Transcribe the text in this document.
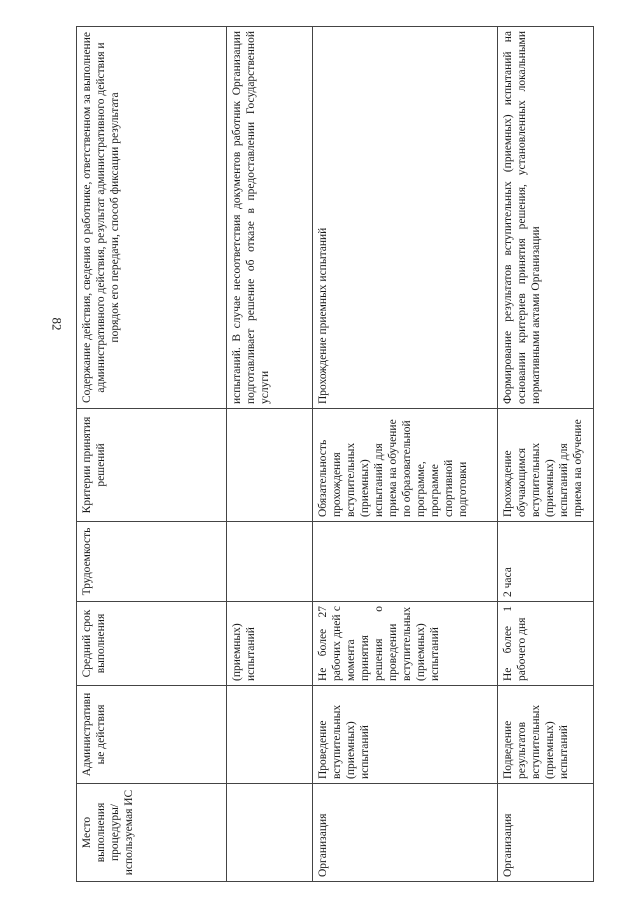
82
Место выполнения процедуры/используемая ИС	Административные действия	Средний срок выполнения	Трудоемкость	Критерии принятия решений	Содержание действия, сведения о работнике, ответственном за выполнение административного действия, результат административного действия и порядок его передачи, способ фиксации результата
		(приемных) испытаний			испытаний. В случае несоответствия документов работник Организации подготавливает решение об отказе в предоставлении Государственной услуги
Организация	Проведение вступительных (приемных) испытаний	Не более 27 рабочих дней с момента принятия решения о проведении вступительных (приемных) испытаний		Обязательность прохождения вступительных (приемных) испытаний для приема на обучение по образовательной программе, программе спортивной подготовки	Прохождение приемных испытаний
Организация	Подведение результатов вступительных (приемных) испытаний	Не более 1 рабочего дня	2 часа	Прохождение обучающимся вступительных (приемных) испытаний для приема на обучение	Формирование результатов вступительных (приемных) испытаний на основании критериев принятия решения, установленных локальными нормативными актами Организации
